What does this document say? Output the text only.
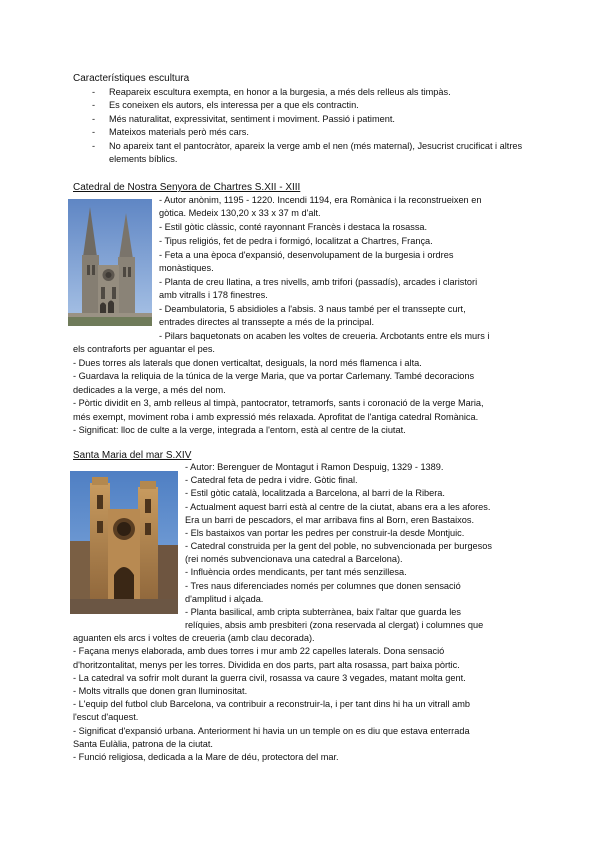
Característiques escultura
- Reapareix escultura exempta, en honor a la burgesia, a més dels relleus als timpàs.
- Es coneixen els autors, els interessa per a que els contractin.
- Més naturalitat, expressivitat, sentiment i moviment. Passió i patiment.
- Mateixos materials però més cars.
- No apareix tant el pantocràtor, apareix la verge amb el nen (més maternal), Jesucrist crucificat i altres elements bíblics.
Catedral de Nostra Senyora de Chartres S.XII - XIII
- Autor anònim, 1195 - 1220. Incendi 1194, era Romànica i la reconstrueixen en
gòtica. Medeix 130,20 x 33 x 37 m d'alt.
- Estil gòtic clàssic, conté rayonnant Francès i destaca la rosassa.
- Tipus religiós, fet de pedra i formigó, localitzat a Chartres, França.
- Feta a una època d'expansió, desenvolupament de la burgesia i ordres
monàstiques.
- Planta de creu llatina, a tres nivells, amb trifori (passadís), arcades i claristori
amb vitralls i 178 finestres.
- Deambulatoria, 5 absidioles a l'absis. 3 naus també per el transsepte curt,
entrades directes al transsepte a més de la principal.
- Pilars baquetonats on acaben les voltes de creueria. Arcbotants entre els murs i
els contraforts per aguantar el pes.
- Dues torres als laterals que donen verticaltat, desiguals, la nord més flamenca i alta.
- Guardava la reliquia de la túnica de la verge Maria, que va portar Carlemany. També decoracions
dedicades a la verge, a més del nom.
- Pòrtic dividit en 3, amb relleus al timpà, pantocrator, tetramorfs, sants i coronació de la verge Maria,
més exempt, moviment roba i amb expressió més relaxada. Aprofitat de l'antiga catedral Romànica.
- Significat: lloc de culte a la verge, integrada a l'entorn, està al centre de la ciutat.
Santa Maria del mar S.XIV
- Autor: Berenguer de Montagut i Ramon Despuig, 1329 - 1389.
- Catedral feta de pedra i vidre. Gòtic final.
- Estil gòtic català, localitzada a Barcelona, al barri de la Ribera.
- Actualment aquest barri està al centre de la ciutat, abans era a les afores.
Era un barri de pescadors, el mar arribava fins al Born, eren Bastaixos.
- Els bastaixos van portar les pedres per construir-la desde Montjuic.
- Catedral construida per la gent del poble, no subvencionada per burgesos
(rei només subvencionava una catedral a Barcelona).
- Influència ordes mendicants, per tant més senzillesa.
- Tres naus diferenciades només per columnes que donen sensació
d'amplitud i alçada.
- Planta basilical, amb cripta subterrànea, baix l'altar que guarda les
relíquies, absis amb presbiteri (zona reservada al clergat) i columnes que
aguanten els arcs i voltes de creueria (amb clau decorada).
- Façana menys elaborada, amb dues torres i mur amb 22 capelles laterals. Dona sensació
d'horitzontalitat, menys per les torres. Dividida en dos parts, part alta rosassa, part baixa pòrtic.
- La catedral va sofrir molt durant la guerra civil, rosassa va caure 3 vegades, matant molta gent.
- Molts vitralls que donen gran lluminositat.
- L'equip del futbol club Barcelona, va contribuir a reconstruir-la, i per tant dins hi ha un vitrall amb
l'escut d'aquest.
- Significat d'expansió urbana. Anteriorment hi havia un un temple on es diu que estava enterrada
Santa Eulàlia, patrona de la ciutat.
- Funció religiosa, dedicada a la Mare de déu, protectora del mar.
